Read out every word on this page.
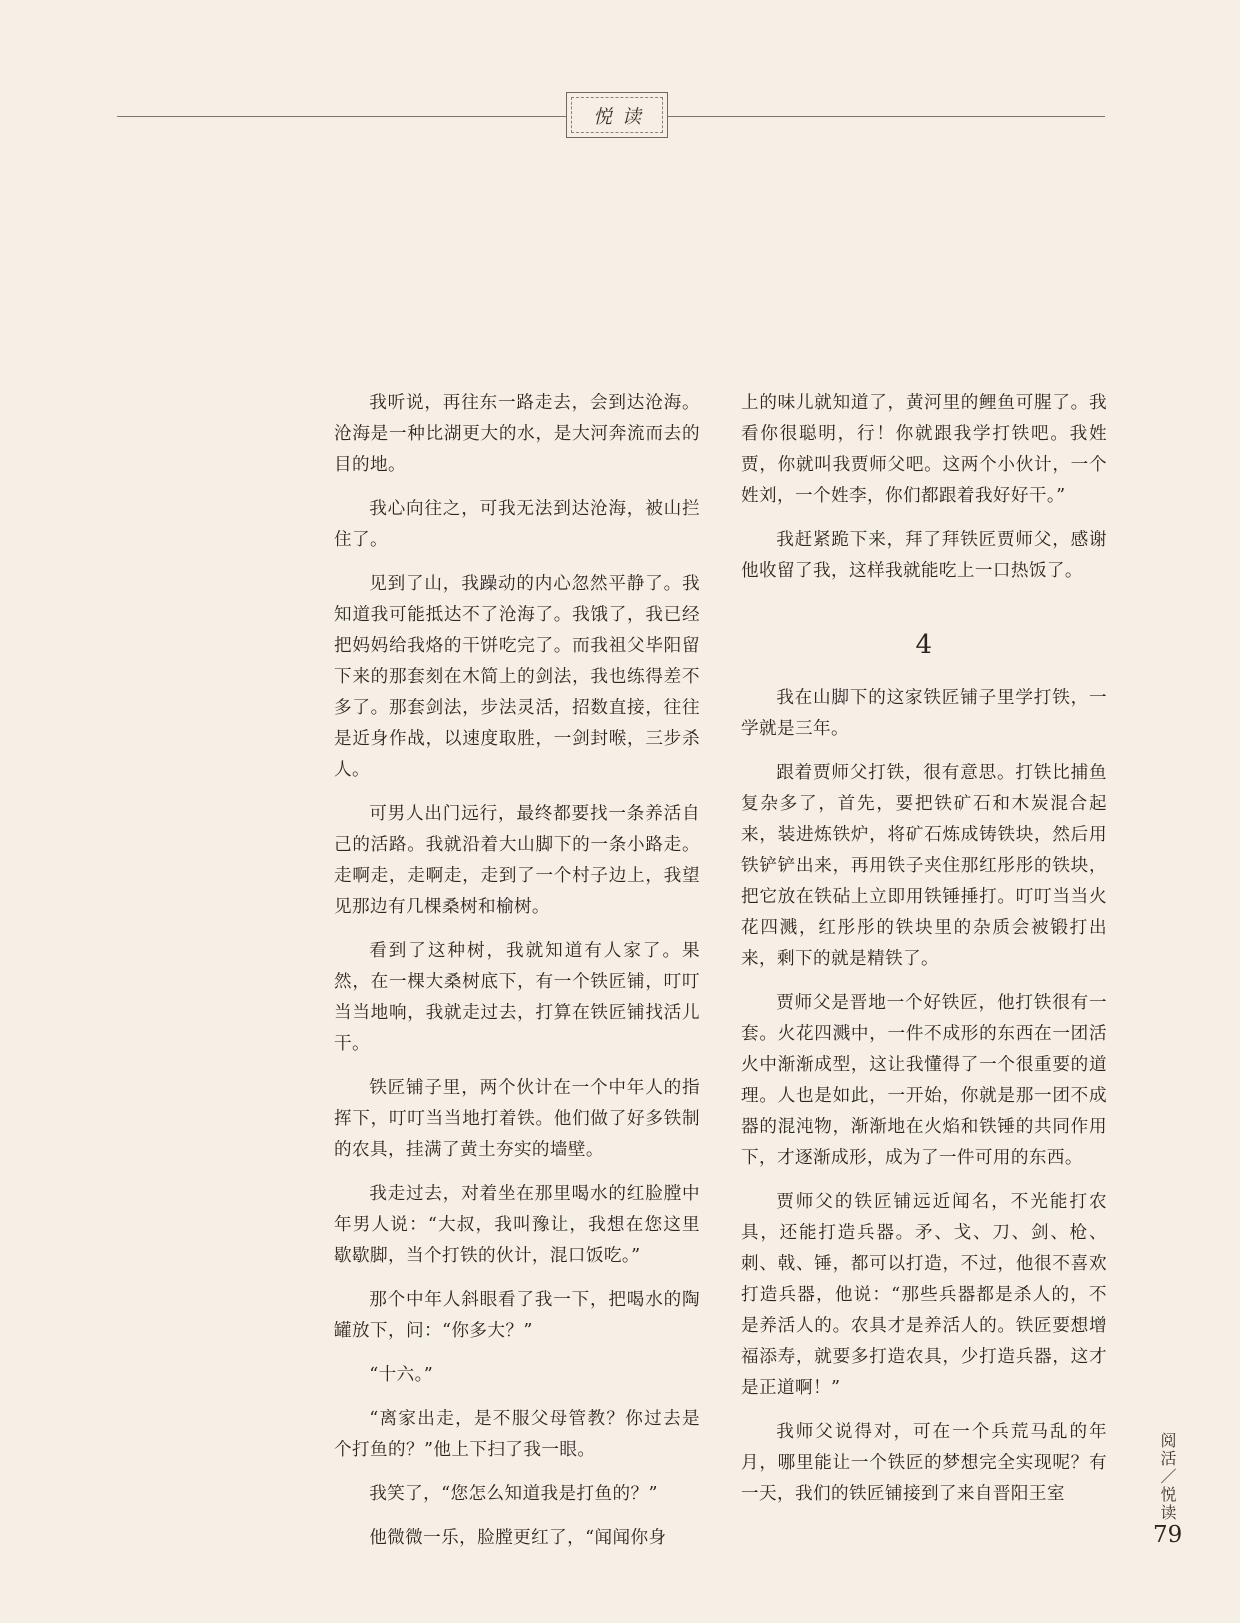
悦读

我听说，再往东一路走去，会到达沧海。沧海是一种比湖更大的水，是大河奔流而去的目的地。

我心向往之，可我无法到达沧海，被山拦住了。

见到了山，我躁动的内心忽然平静了。我知道我可能抵达不了沧海了。我饿了，我已经把妈妈给我烙的干饼吃完了。而我祖父毕阳留下来的那套刻在木简上的剑法，我也练得差不多了。那套剑法，步法灵活，招数直接，往往是近身作战，以速度取胜，一剑封喉，三步杀人。

可男人出门远行，最终都要找一条养活自己的活路。我就沿着大山脚下的一条小路走。走啊走，走啊走，走到了一个村子边上，我望见那边有几棵桑树和榆树。

看到了这种树，我就知道有人家了。果然，在一棵大桑树底下，有一个铁匠铺，叮叮当当地响，我就走过去，打算在铁匠铺找活儿干。

铁匠铺子里，两个伙计在一个中年人的指挥下，叮叮当当地打着铁。他们做了好多铁制的农具，挂满了黄土夯实的墙壁。

我走过去，对着坐在那里喝水的红脸膛中年男人说：“大叔，我叫豫让，我想在您这里歇歇脚，当个打铁的伙计，混口饭吃。”

那个中年人斜眼看了我一下，把喝水的陶罐放下，问：“你多大？”

“十六。”

“离家出走，是不服父母管教？你过去是个打鱼的？”他上下扫了我一眼。

我笑了，“您怎么知道我是打鱼的？”

他微微一乐，脸膛更红了，“闻闻你身

上的味儿就知道了，黄河里的鲤鱼可腥了。我看你很聪明，行！你就跟我学打铁吧。我姓贾，你就叫我贾师父吧。这两个小伙计，一个姓刘，一个姓李，你们都跟着我好好干。”

我赶紧跪下来，拜了拜铁匠贾师父，感谢他收留了我，这样我就能吃上一口热饭了。

4

我在山脚下的这家铁匠铺子里学打铁，一学就是三年。

跟着贾师父打铁，很有意思。打铁比捕鱼复杂多了，首先，要把铁矿石和木炭混合起来，装进炼铁炉，将矿石炼成铸铁块，然后用铁铲铲出来，再用铁子夹住那红彤彤的铁块，把它放在铁砧上立即用铁锤捶打。叮叮当当火花四溅，红彤彤的铁块里的杂质会被锻打出来，剩下的就是精铁了。

贾师父是晋地一个好铁匠，他打铁很有一套。火花四溅中，一件不成形的东西在一团活火中渐渐成型，这让我懂得了一个很重要的道理。人也是如此，一开始，你就是那一团不成器的混沌物，渐渐地在火焰和铁锤的共同作用下，才逐渐成形，成为了一件可用的东西。

贾师父的铁匠铺远近闻名，不光能打农具，还能打造兵器。矛、戈、刀、剑、枪、刺、戟、锤，都可以打造，不过，他很不喜欢打造兵器，他说：“那些兵器都是杀人的，不是养活人的。农具才是养活人的。铁匠要想增福添寿，就要多打造农具，少打造兵器，这才是正道啊！”

我师父说得对，可在一个兵荒马乱的年月，哪里能让一个铁匠的梦想完全实现呢？有一天，我们的铁匠铺接到了来自晋阳王室	阅活／悦读
79
